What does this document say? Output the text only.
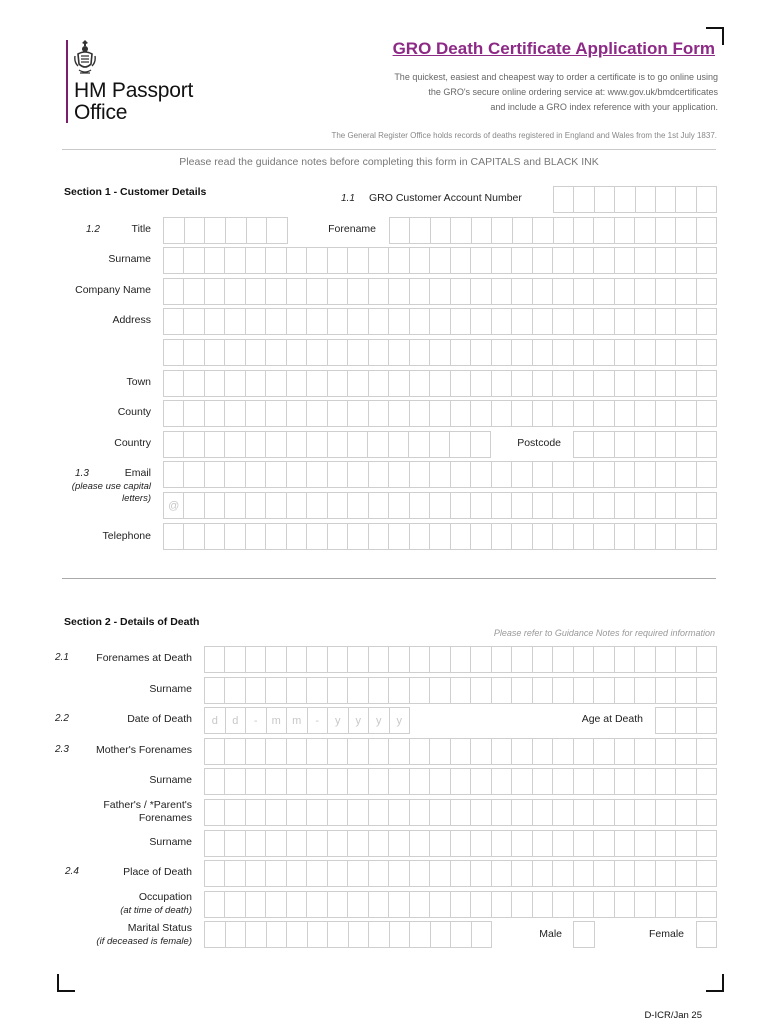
HM Passport
Office
GRO Death Certificate Application Form
The quickest, easiest and cheapest way to order a certificate is to go online using
the GRO's secure online ordering service at: www.gov.uk/bmdcertificates
and include a GRO index reference with your application.
The General Register Office holds records of deaths registered in England and Wales from the 1st July 1837.
Please read the guidance notes before completing this form in CAPITALS and BLACK INK
Section 1 - Customer Details
1.1 GRO Customer Account Number
1.2	Title	Forename
Surname
Company Name
Address
Town
County
Country	Postcode
1.3	Email
(please use capital
letters)
@
Telephone
Section 2 - Details of Death
Please refer to Guidance Notes for required information
2.1	Forenames at Death
Surname
2.2	Date of Death	d	d	-	m	m	-	y	y	y	y	Age at Death
2.3	Mother's Forenames
Surname
Father's / *Parent's
Forenames
Surname
2.4	Place of Death
Occupation
(at time of death)
Marital Status
(if deceased is female)
Male	Female
D-ICR/Jan 25
